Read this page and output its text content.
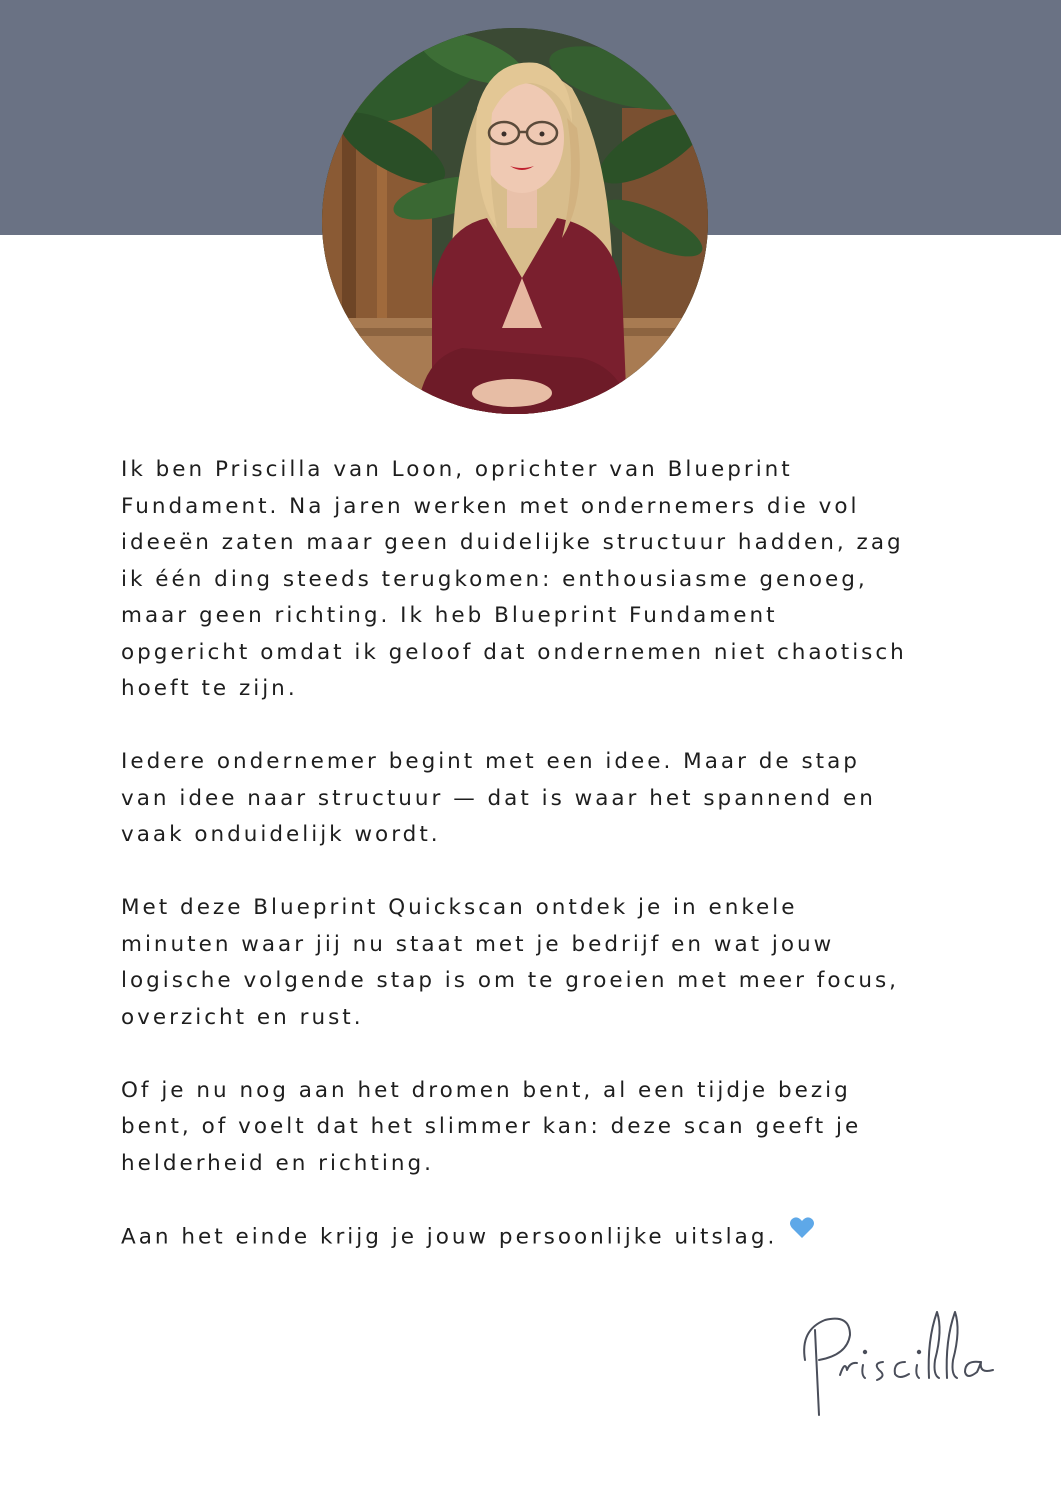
Ik ben Priscilla van Loon, oprichter van Blueprint
Fundament. Na jaren werken met ondernemers die vol
ideeën zaten maar geen duidelijke structuur hadden, zag
ik één ding steeds terugkomen: enthousiasme genoeg,
maar geen richting. Ik heb Blueprint Fundament
opgericht omdat ik geloof dat ondernemen niet chaotisch
hoeft te zijn.

Iedere ondernemer begint met een idee. Maar de stap
van idee naar structuur — dat is waar het spannend en
vaak onduidelijk wordt.

Met deze Blueprint Quickscan ontdek je in enkele
minuten waar jij nu staat met je bedrijf en wat jouw
logische volgende stap is om te groeien met meer focus,
overzicht en rust.

Of je nu nog aan het dromen bent, al een tijdje bezig
bent, of voelt dat het slimmer kan: deze scan geeft je
helderheid en richting.

Aan het einde krijg je jouw persoonlijke uitslag.
